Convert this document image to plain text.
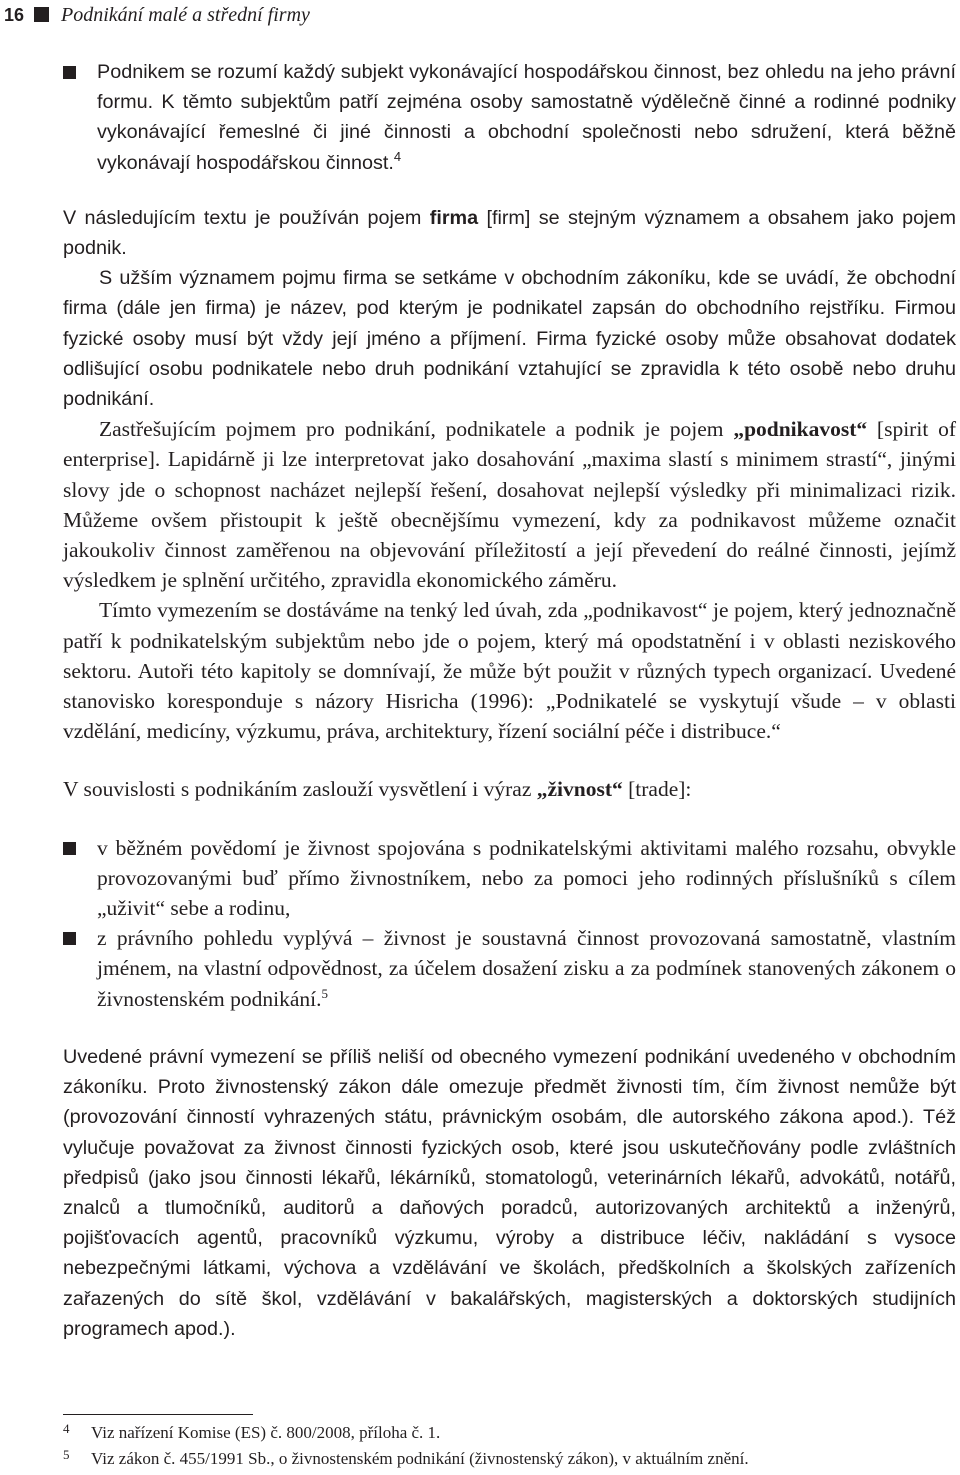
16 Podnikání malé a střední firmy

Podnikem se rozumí každý subjekt vykonávající hospodářskou činnost, bez ohledu na jeho právní formu. K těmto subjektům patří zejména osoby samostatně výdělečně činné a rodinné podniky vykonávající řemeslné či jiné činnosti a obchodní společnosti nebo sdružení, která běžně vykonávají hospodářskou činnost.$^4$

V následujícím textu je používán pojem firma [firm] se stejným významem a obsahem jako pojem podnik.

S užším významem pojmu firma se setkáme v obchodním zákoníku, kde se uvádí, že obchodní firma (dále jen firma) je název, pod kterým je podnikatel zapsán do obchodního rejstříku. Firmou fyzické osoby musí být vždy její jméno a příjmení. Firma fyzické osoby může obsahovat dodatek odlišující osobu podnikatele nebo druh podnikání vztahující se zpravidla k této osobě nebo druhu podnikání.

Zastřešujícím pojmem pro podnikání, podnikatele a podnik je pojem „podnikavost“ [spirit of enterprise]. Lapidárně ji lze interpretovat jako dosahování „maxima slastí s minimem strastí“, jinými slovy jde o schopnost nacházet nejlepší řešení, dosahovat nejlepší výsledky při minimalizaci rizik. Můžeme ovšem přistoupit k ještě obecnějšímu vymezení, kdy za podnikavost můžeme označit jakoukoliv činnost zaměřenou na objevování příležitostí a její převedení do reálné činnosti, jejímž výsledkem je splnění určitého, zpravidla ekonomického záměru.

Tímto vymezením se dostáváme na tenký led úvah, zda „podnikavost“ je pojem, který jednoznačně patří k podnikatelským subjektům nebo jde o pojem, který má opodstatnění i v oblasti neziskového sektoru. Autoři této kapitoly se domnívají, že může být použit v různých typech organizací. Uvedené stanovisko koresponduje s názory Hisricha (1996): „Podnikatelé se vyskytují všude – v oblasti vzdělání, medicíny, výzkumu, práva, architektury, řízení sociální péče i distribuce.“

V souvislosti s podnikáním zaslouží vysvětlení i výraz „živnost“ [trade]:

v běžném povědomí je živnost spojována s podnikatelskými aktivitami malého rozsahu, obvykle provozovanými buď přímo živnostníkem, nebo za pomoci jeho rodinných příslušníků s cílem „uživit“ sebe a rodinu,

z právního pohledu vyplývá – živnost je soustavná činnost provozovaná samostatně, vlastním jménem, na vlastní odpovědnost, za účelem dosažení zisku a za podmínek stanovených zákonem o živnostenském podnikání.$^5$

Uvedené právní vymezení se příliš neliší od obecného vymezení podnikání uvedeného v obchodním zákoníku. Proto živnostenský zákon dále omezuje předmět živnosti tím, čím živnost nemůže být (provozování činností vyhrazených státu, právnickým osobám, dle autorského zákona apod.). Též vylučuje považovat za živnost činnosti fyzických osob, které jsou uskutečňovány podle zvláštních předpisů (jako jsou činnosti lékařů, lékárníků, stomatologů, veterinárních lékařů, advokátů, notářů, znalců a tlumočníků, auditorů a daňových poradců, autorizovaných architektů a inženýrů, pojišťovacích agentů, pracovníků výzkumu, výroby a distribuce léčiv, nakládání s vysoce nebezpečnými látkami, výchova a vzdělávání ve školách, předškolních a školských zařízeních zařazených do sítě škol, vzdělávání v bakalářských, magisterských a doktorských studijních programech apod.).

4 Viz nařízení Komise (ES) č. 800/2008, příloha č. 1.
5 Viz zákon č. 455/1991 Sb., o živnostenském podnikání (živnostenský zákon), v aktuálním znění.
